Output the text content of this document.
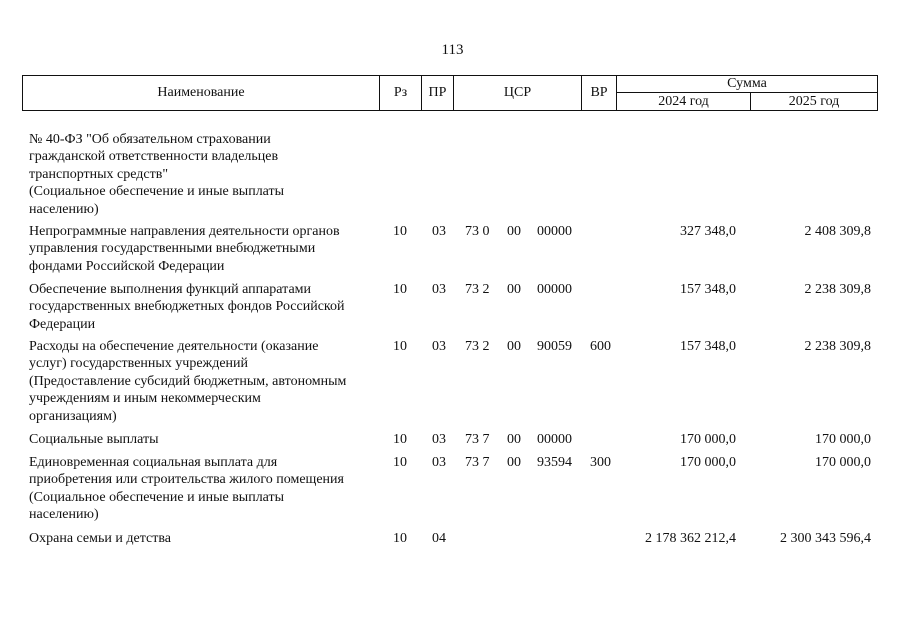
113
Наименование	Рз	ПР	ЦСР	ВР
Сумма
2024 год	2025 год
№ 40-ФЗ "Об обязательном страховании
гражданской ответственности владельцев
транспортных средств"
(Социальное обеспечение и иные выплаты
населению)
Непрограммные направления деятельности органов
управления государственными внебюджетными
фондами Российской Федерации
10	03	73 0	00	00000	327 348,0	2 408 309,8
Обеспечение выполнения функций аппаратами
государственных внебюджетных фондов Российской
Федерации
10	03	73 2	00	00000	157 348,0	2 238 309,8
Расходы на обеспечение деятельности (оказание
услуг) государственных учреждений
(Предоставление субсидий бюджетным, автономным
учреждениям и иным некоммерческим
организациям)
10	03	73 2	00	90059	600	157 348,0	2 238 309,8
Социальные выплаты	10	03	73 7	00	00000	170 000,0	170 000,0
Единовременная социальная выплата для
приобретения или строительства жилого помещения
(Социальное обеспечение и иные выплаты
населению)
10	03	73 7	00	93594	300	170 000,0	170 000,0
Охрана семьи и детства	10	04	2 178 362 212,4	2 300 343 596,4
